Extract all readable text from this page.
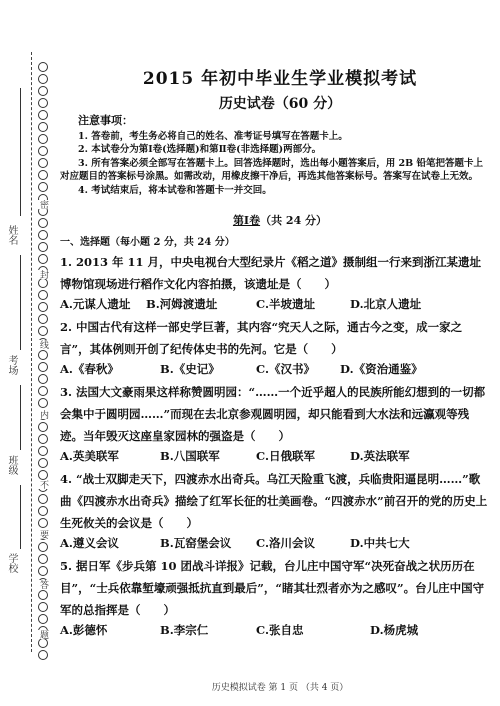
姓名
考场
班级
学校
密
封
线
内
不
要
答
题
2015 年初中毕业生学业模拟考试
历史试卷（60 分）
注意事项：

1. 答卷前，考生务必将自己的姓名、准考证号填写在答题卡上。

2. 本试卷分为第Ⅰ卷(选择题)和第Ⅱ卷(非选择题)两部分。

3. 所有答案必须全部写在答题卡上。回答选择题时，选出每小题答案后，用 2B 铅笔把答题卡上对应题目的答案标号涂黑。如需改动，用橡皮擦干净后，再选其他答案标号。答案写在试卷上无效。

4. 考试结束后，将本试卷和答题卡一并交回。

第Ⅰ卷（共 24 分）
一、选择题（每小题 2 分，共 24 分）
1. 2013 年 11 月，中央电视台大型纪录片《稻之道》摄制组一行来到浙江某遗址博物馆现场进行稻作文化内容拍摄，该遗址是（　　）
A.元谋人遗址 B.河姆渡遗址	C.半坡遗址	D.北京人遗址
2. 中国古代有这样一部史学巨著，其内容“究天人之际，通古今之变，成一家之言”，其体例则开创了纪传体史书的先河。它是（　　）
A.《春秋》	B.《史记》	C.《汉书》 D.《资治通鉴》
3. 法国大文豪雨果这样称赞圆明园：“……一个近乎超人的民族所能幻想到的一切都会集中于圆明园……”而现在去北京参观圆明园，却只能看到大水法和远瀛观等残迹。当年毁灭这座皇家园林的强盗是（　　）
A.英美联军	B.八国联军	C.日俄联军	D.英法联军
4. “战士双脚走天下，四渡赤水出奇兵。乌江天险重飞渡，兵临贵阳逼昆明……”歌曲《四渡赤水出奇兵》描绘了红军长征的壮美画卷。“四渡赤水”前召开的党的历史上生死攸关的会议是（　　）
A.遵义会议	B.瓦窑堡会议 C.洛川会议	D.中共七大
5. 据日军《步兵第 10 团战斗详报》记载，台儿庄中国守军“决死奋战之状历历在目”，“士兵依靠堑壕顽强抵抗直到最后”，“睹其壮烈者亦为之感叹”。台儿庄中国守军的总指挥是（　　）
A.彭德怀	B.李宗仁	C.张自忠	D.杨虎城
历史模拟试卷 第 1 页 （共 4 页）
